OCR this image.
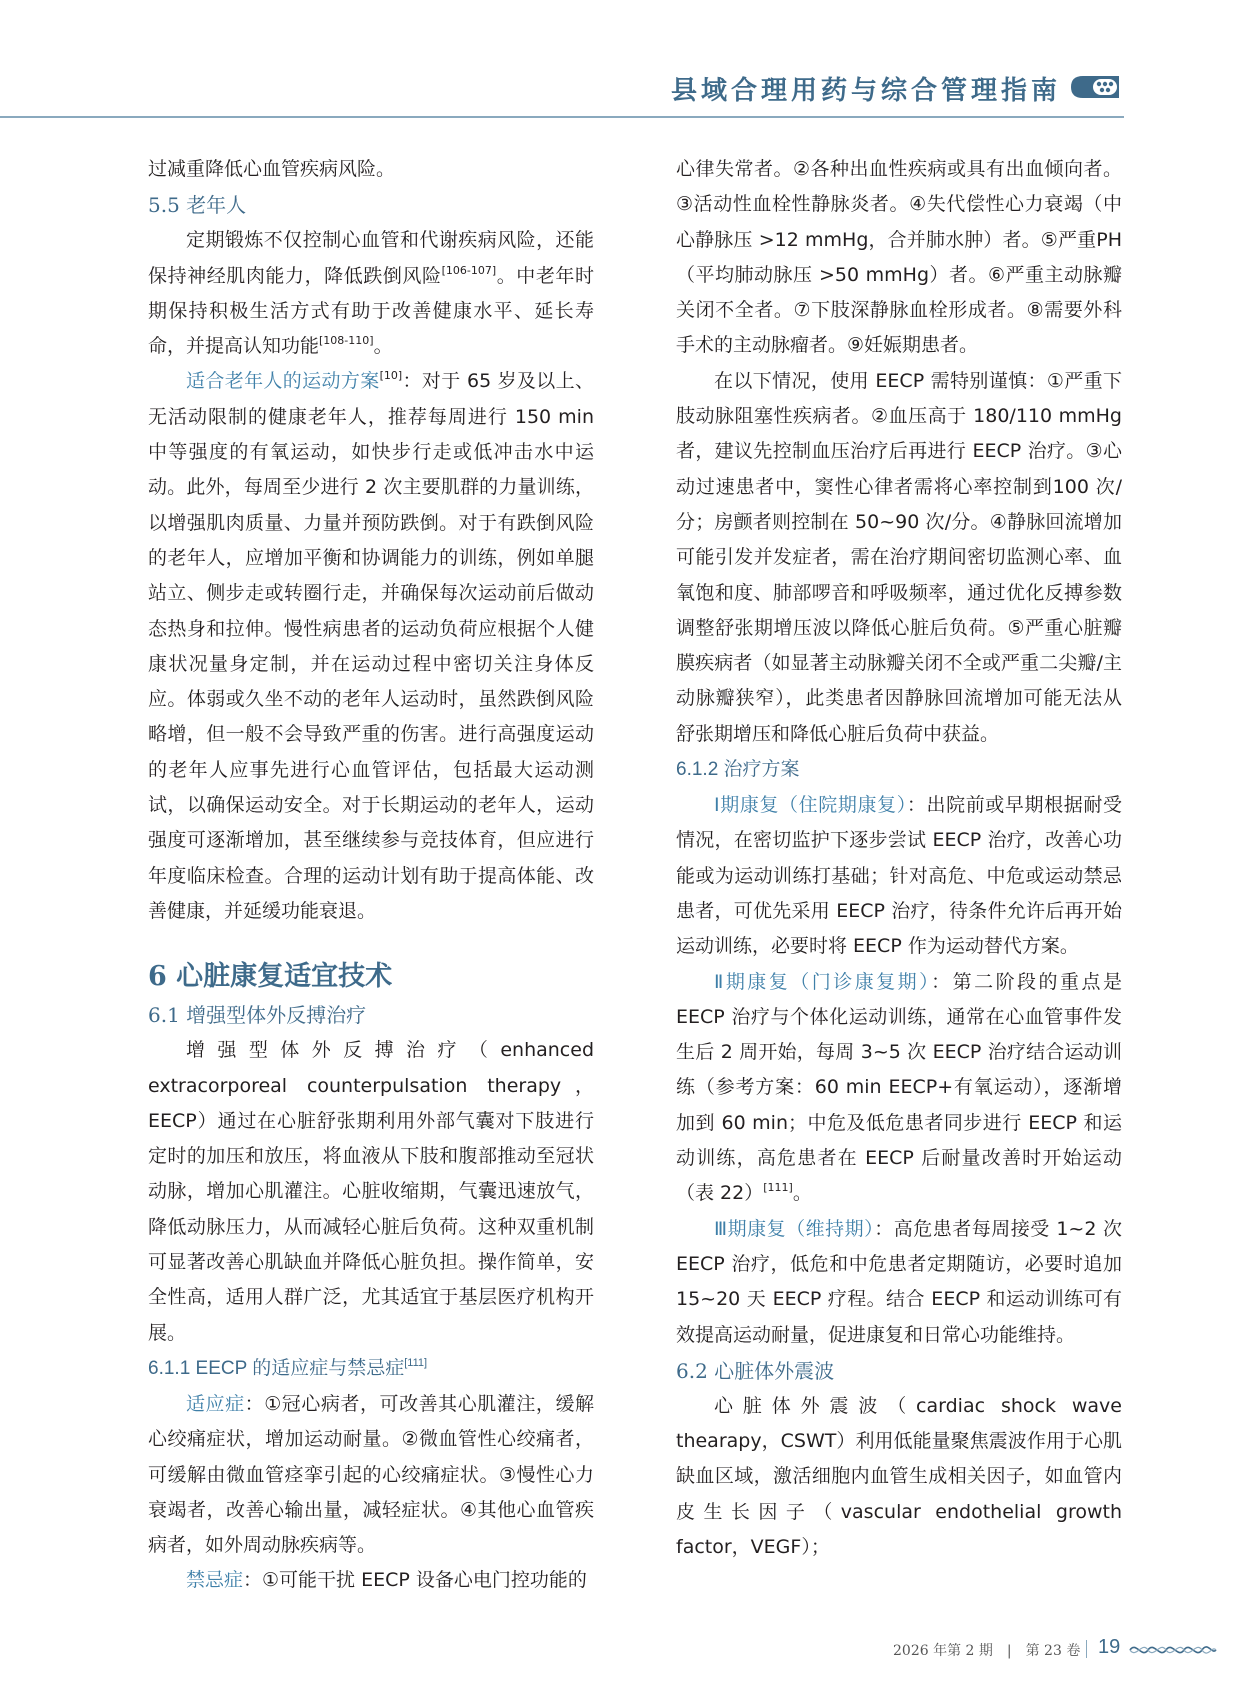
县域合理用药与综合管理指南

过减重降低心血管疾病风险。

5.5 老年人

定期锻炼不仅控制心血管和代谢疾病风险，还能保持神经肌肉能力，降低跌倒风险[106-107]。中老年时期保持积极生活方式有助于改善健康水平、延长寿命，并提高认知功能[108-110]。

适合老年人的运动方案[10]：对于 65 岁及以上、无活动限制的健康老年人，推荐每周进行 150 min 中等强度的有氧运动，如快步行走或低冲击水中运动。此外，每周至少进行 2 次主要肌群的力量训练，以增强肌肉质量、力量并预防跌倒。对于有跌倒风险的老年人，应增加平衡和协调能力的训练，例如单腿站立、侧步走或转圈行走，并确保每次运动前后做动态热身和拉伸。慢性病患者的运动负荷应根据个人健康状况量身定制，并在运动过程中密切关注身体反应。体弱或久坐不动的老年人运动时，虽然跌倒风险略增，但一般不会导致严重的伤害。进行高强度运动的老年人应事先进行心血管评估，包括最大运动测试，以确保运动安全。对于长期运动的老年人，运动强度可逐渐增加，甚至继续参与竞技体育，但应进行年度临床检查。合理的运动计划有助于提高体能、改善健康，并延缓功能衰退。

6 心脏康复适宜技术
6.1 增强型体外反搏治疗

增强型体外反搏治疗（enhanced extracorporeal counterpulsation therapy，EECP）通过在心脏舒张期利用外部气囊对下肢进行定时的加压和放压，将血液从下肢和腹部推动至冠状动脉，增加心肌灌注。心脏收缩期，气囊迅速放气，降低动脉压力，从而减轻心脏后负荷。这种双重机制可显著改善心肌缺血并降低心脏负担。操作简单，安全性高，适用人群广泛，尤其适宜于基层医疗机构开展。

6.1.1 EECP 的适应症与禁忌症[111]

适应症：①冠心病者，可改善其心肌灌注，缓解心绞痛症状，增加运动耐量。②微血管性心绞痛者，可缓解由微血管痉挛引起的心绞痛症状。③慢性心力衰竭者，改善心输出量，减轻症状。④其他心血管疾病者，如外周动脉疾病等。

禁忌症：①可能干扰 EECP 设备心电门控功能的

心律失常者。②各种出血性疾病或具有出血倾向者。③活动性血栓性静脉炎者。④失代偿性心力衰竭（中心静脉压 >12 mmHg，合并肺水肿）者。⑤严重PH（平均肺动脉压 >50 mmHg）者。⑥严重主动脉瓣关闭不全者。⑦下肢深静脉血栓形成者。⑧需要外科手术的主动脉瘤者。⑨妊娠期患者。

在以下情况，使用 EECP 需特别谨慎：①严重下肢动脉阻塞性疾病者。②血压高于 180/110 mmHg者，建议先控制血压治疗后再进行 EECP 治疗。③心动过速患者中，窦性心律者需将心率控制到100 次/分；房颤者则控制在 50~90 次/分。④静脉回流增加可能引发并发症者，需在治疗期间密切监测心率、血氧饱和度、肺部啰音和呼吸频率，通过优化反搏参数调整舒张期增压波以降低心脏后负荷。⑤严重心脏瓣膜疾病者（如显著主动脉瓣关闭不全或严重二尖瓣/主动脉瓣狭窄），此类患者因静脉回流增加可能无法从舒张期增压和降低心脏后负荷中获益。

6.1.2 治疗方案

Ⅰ期康复（住院期康复）：出院前或早期根据耐受情况，在密切监护下逐步尝试 EECP 治疗，改善心功能或为运动训练打基础；针对高危、中危或运动禁忌患者，可优先采用 EECP 治疗，待条件允许后再开始运动训练，必要时将 EECP 作为运动替代方案。

Ⅱ期康复（门诊康复期）：第二阶段的重点是EECP 治疗与个体化运动训练，通常在心血管事件发生后 2 周开始，每周 3~5 次 EECP 治疗结合运动训练（参考方案：60 min EECP+有氧运动），逐渐增加到 60 min；中危及低危患者同步进行 EECP 和运动训练，高危患者在 EECP 后耐量改善时开始运动（表 22）[111]。

Ⅲ期康复（维持期）：高危患者每周接受 1~2 次EECP 治疗，低危和中危患者定期随访，必要时追加 15~20 天 EECP 疗程。结合 EECP 和运动训练可有效提高运动耐量，促进康复和日常心功能维持。

6.2 心脏体外震波

心脏体外震波（cardiac shock wave thearapy，CSWT）利用低能量聚焦震波作用于心肌缺血区域，激活细胞内血管生成相关因子，如血管内皮生长因子（vascular endothelial growth factor，VEGF）；

2026 年第 2 期　|　第 23 卷 19
